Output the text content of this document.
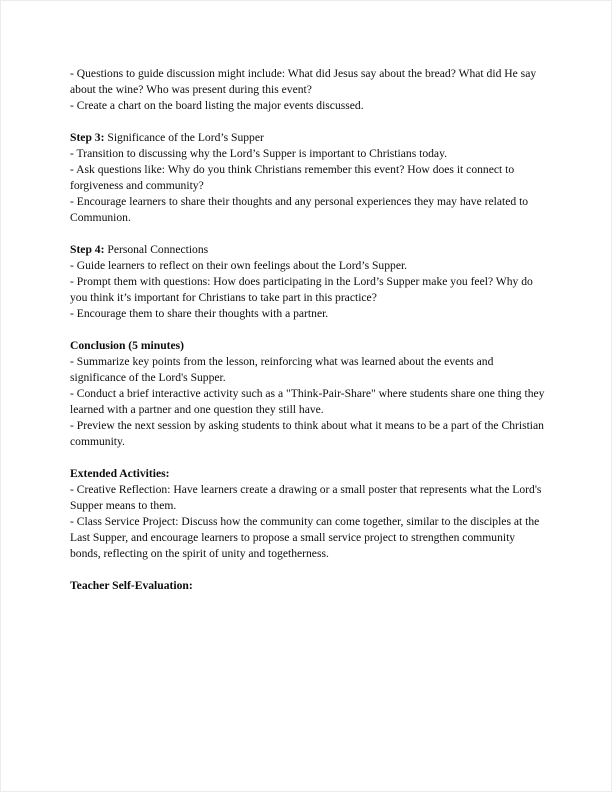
- Questions to guide discussion might include: What did Jesus say about the bread? What did He say about the wine? Who was present during this event?

- Create a chart on the board listing the major events discussed.

Step 3: Significance of the Lord’s Supper

- Transition to discussing why the Lord’s Supper is important to Christians today.

- Ask questions like: Why do you think Christians remember this event? How does it connect to forgiveness and community?

- Encourage learners to share their thoughts and any personal experiences they may have related to Communion.

Step 4: Personal Connections

- Guide learners to reflect on their own feelings about the Lord’s Supper.

- Prompt them with questions: How does participating in the Lord’s Supper make you feel? Why do you think it’s important for Christians to take part in this practice?

- Encourage them to share their thoughts with a partner.

Conclusion (5 minutes)

- Summarize key points from the lesson, reinforcing what was learned about the events and significance of the Lord's Supper.

- Conduct a brief interactive activity such as a "Think-Pair-Share" where students share one thing they learned with a partner and one question they still have.

- Preview the next session by asking students to think about what it means to be a part of the Christian community.

Extended Activities:

- Creative Reflection: Have learners create a drawing or a small poster that represents what the Lord's Supper means to them.

- Class Service Project: Discuss how the community can come together, similar to the disciples at the Last Supper, and encourage learners to propose a small service project to strengthen community bonds, reflecting on the spirit of unity and togetherness.

Teacher Self-Evaluation:
